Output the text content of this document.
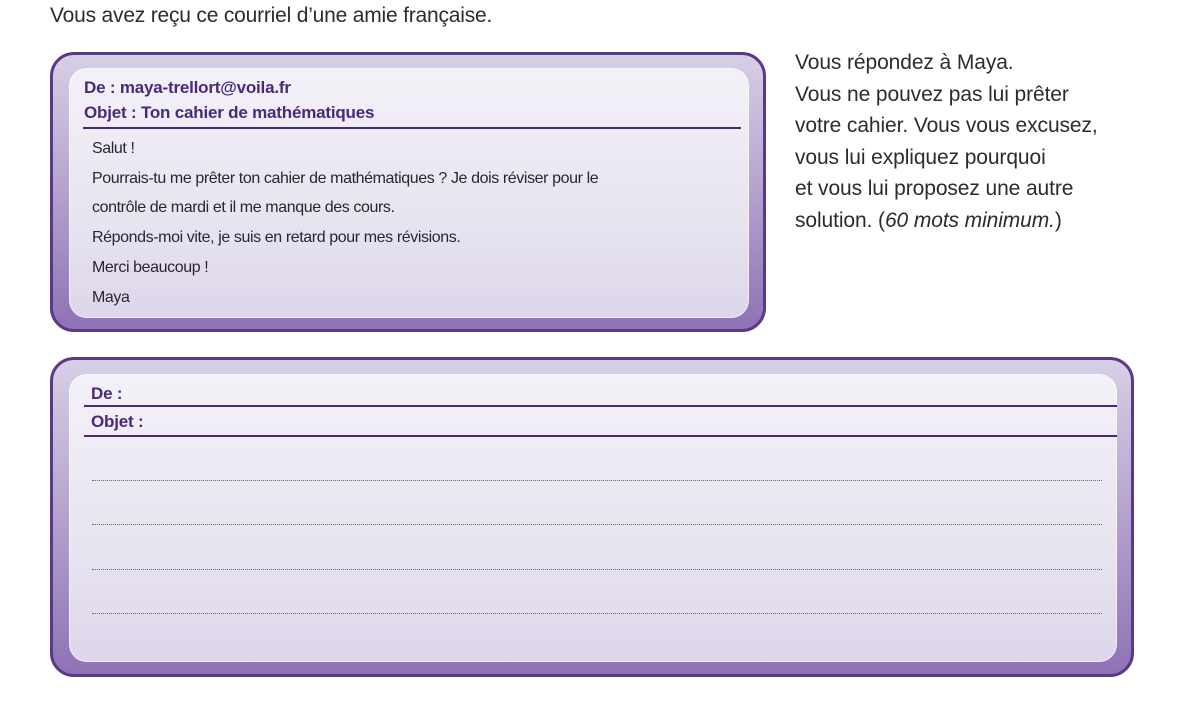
Vous avez reçu ce courriel d’une amie française.
De : maya-trellort@voila.fr
Objet : Ton cahier de mathématiques
Salut !
Pourrais-tu me prêter ton cahier de mathématiques ? Je dois réviser pour le
contrôle de mardi et il me manque des cours.
Réponds-moi vite, je suis en retard pour mes révisions.
Merci beaucoup !
Maya
Vous répondez à Maya.
Vous ne pouvez pas lui prêter
votre cahier. Vous vous excusez,
vous lui expliquez pourquoi
et vous lui proposez une autre
solution. (60 mots minimum.)
De :
Objet :
